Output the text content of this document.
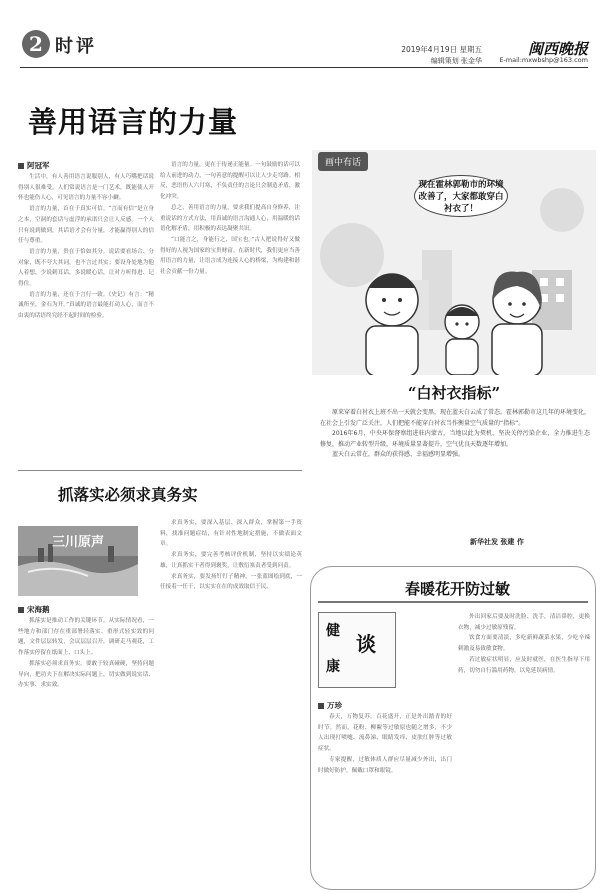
2 时评	2019年4月19日 星期五
编辑策划 张金华
闽西晚报
E-mail:mxwbshp@163.com
善用语言的力量
阿冠军
生活中，有人善用语言说服别人，有人巧嘴把话说得别人很难受。人们常说语言是一门艺术，既能使人开怀也能伤人心，可见语言的力量不容小觑。
语言的力量，首在于真实可信。“言而有信”是立身之本，空洞的套话与虚浮的承诺只会让人反感。一个人只有说到做到，其话语才会有分量，才能赢得别人的信任与尊重。
语言的力量，贵在于恰如其分。说话要看场合、分对象，既不夸大其词，也不言过其实；要设身处地为他人着想，少说刺耳话，多说暖心话，让对方听得进、记得住。
语言的力量，还在于言行一致。《史记》有言：“精诚所至，金石为开。”真诚的语言最能打动人心，而言不由衷的话语终究经不起时间的检验。
语言的力量，更在于传递正能量。一句鼓励的话可以给人前进的动力，一句善意的提醒可以让人少走弯路。相反，恶语伤人六月寒，不负责任的言论只会制造矛盾、激化冲突。
总之，善用语言的力量，要求我们提高自身修养，注重说话的方式方法，用真诚的语言沟通人心，用温暖的话语化解矛盾，用积极的表达凝聚共识。
“口能言之，身能行之，国宝也。”古人把说得好又做得好的人视为国家的宝贵财富。在新时代，我们更应当善用语言的力量，让语言成为连接人心的桥梁，为构建和谐社会贡献一份力量。
画中有话
现在霍林郭勒市的环境改善了，大家都敢穿白衬衣了！
“白衬衣指标”

原来穿着白衬衣上班不出一天就会变黑，现在蓝天白云成了常态。霍林郭勒市这几年的环境变化，在社会上引发广泛关注，人们把能不能穿白衬衣当作衡量空气质量的“指标”。

2016年6月，中央环保督察组进驻内蒙古，当地以此为契机，坚决关停污染企业，全力推进生态修复，推动产业转型升级，环境质量显著提升，空气优良天数逐年增加。

蓝天白云常在，群众的获得感、幸福感明显增强。

新华社发 张建 作
抓落实必须求真务实
三川原声
宋海鹅
抓落实是推动工作的关键环节。从实际情况看，一些地方和部门存在重部署轻落实、重形式轻实效的问题，文件层层转发，会议层层召开，调研走马观花，工作落实停留在纸面上、口头上。
抓落实必须求真务实，要敢于较真碰硬，坚持问题导向，把功夫下在解决实际问题上，切实做到说实话、办实事、求实效。
求真务实，要深入基层、深入群众，掌握第一手资料，找准问题症结，有针对性地制定措施，不做表面文章。
求真务实，要完善考核评价机制，坚持以实绩论英雄，让真抓实干者得到褒奖，让敷衍塞责者受到问责。
求真务实，要发扬钉钉子精神，一张蓝图绘到底，一任接着一任干，以实实在在的成效取信于民。	春暖花开防过敏
健
谈
康
万珍
春天，万物复苏，百花盛开，正是外出踏青的好时节。然而，花粉、柳絮等过敏原也随之增多，不少人出现打喷嚏、流鼻涕、眼睛发痒、皮肤红肿等过敏症状。
专家提醒，过敏体质人群应尽量减少外出，出门时做好防护，佩戴口罩和眼镜。
外出回家后要及时洗脸、洗手，清洁鼻腔，更换衣物，减少过敏原残留。
饮食方面要清淡，多吃新鲜蔬菜水果，少吃辛辣刺激及易致敏食物。
若过敏症状明显，应及时就医，在医生指导下用药，切勿自行滥用药物，以免延误病情。
